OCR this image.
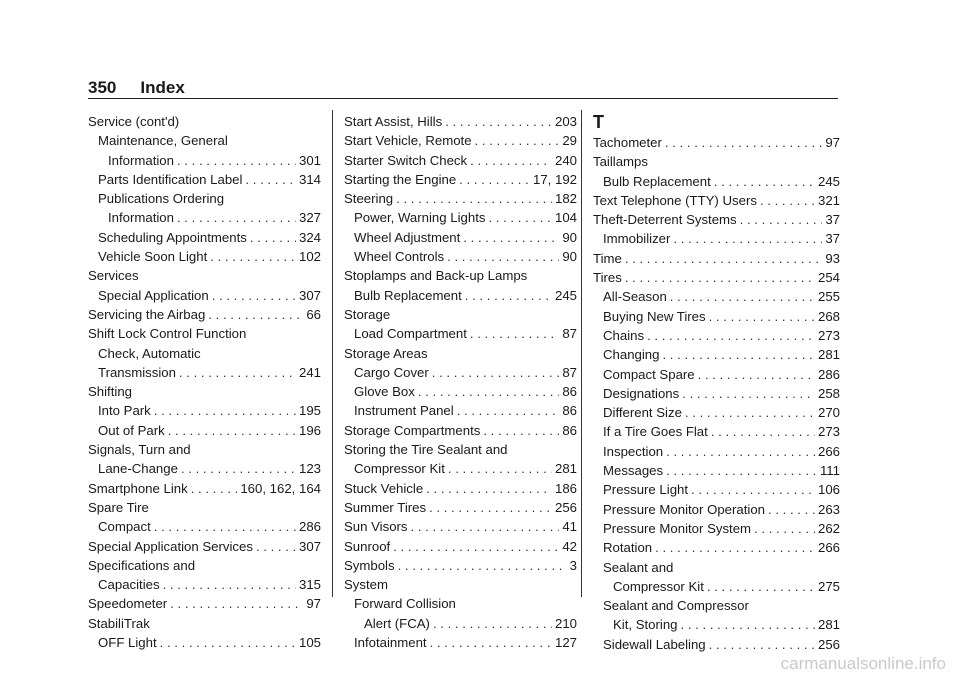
350 Index
Service (cont'd)
Maintenance, General
Information . . .	301
Parts Identification Label . . .	314
Publications Ordering
Information . . .	327
Scheduling Appointments . . .	324
Vehicle Soon Light . . .	102
Services
Special Application . . .	307
Servicing the Airbag . . .	66
Shift Lock Control Function
Check, Automatic
Transmission . . .	241
Shifting
Into Park . . .	195
Out of Park . . .	196
Signals, Turn and
Lane-Change . . .	123
Smartphone Link . . .	160, 162, 164
Spare Tire
Compact . . .	286
Special Application Services . . .	307
Specifications and
Capacities . . .	315
Speedometer . . .	97
StabiliTrak
OFF Light . . .	105
Start Assist, Hills . . .	203
Start Vehicle, Remote . . .	29
Starter Switch Check . . .	240
Starting the Engine . . .	17, 192
Steering . . .	182
Power, Warning Lights . . .	104
Wheel Adjustment . . .	90
Wheel Controls . . .	90
Stoplamps and Back-up Lamps
Bulb Replacement . . .	245
Storage
Load Compartment . . .	87
Storage Areas
Cargo Cover . . .	87
Glove Box . . .	86
Instrument Panel . . .	86
Storage Compartments . . .	86
Storing the Tire Sealant and
Compressor Kit . . .	281
Stuck Vehicle . . .	186
Summer Tires . . .	256
Sun Visors . . .	41
Sunroof . . .	42
Symbols . . .	3
System
Forward Collision
Alert (FCA) . . .	210
Infotainment . . .	127
T
Tachometer . . .	97
Taillamps
Bulb Replacement . . .	245
Text Telephone (TTY) Users . . .	321
Theft-Deterrent Systems . . .	37
Immobilizer . . .	37
Time . . .	93
Tires . . .	254
All-Season . . .	255
Buying New Tires . . .	268
Chains . . .	273
Changing . . .	281
Compact Spare . . .	286
Designations . . .	258
Different Size . . .	270
If a Tire Goes Flat . . .	273
Inspection . . .	266
Messages . . .	111
Pressure Light . . .	106
Pressure Monitor Operation . . .	263
Pressure Monitor System . . .	262
Rotation . . .	266
Sealant and
Compressor Kit . . .	275
Sealant and Compressor
Kit, Storing . . .	281
Sidewall Labeling . . .	256
carmanualsonline.info
